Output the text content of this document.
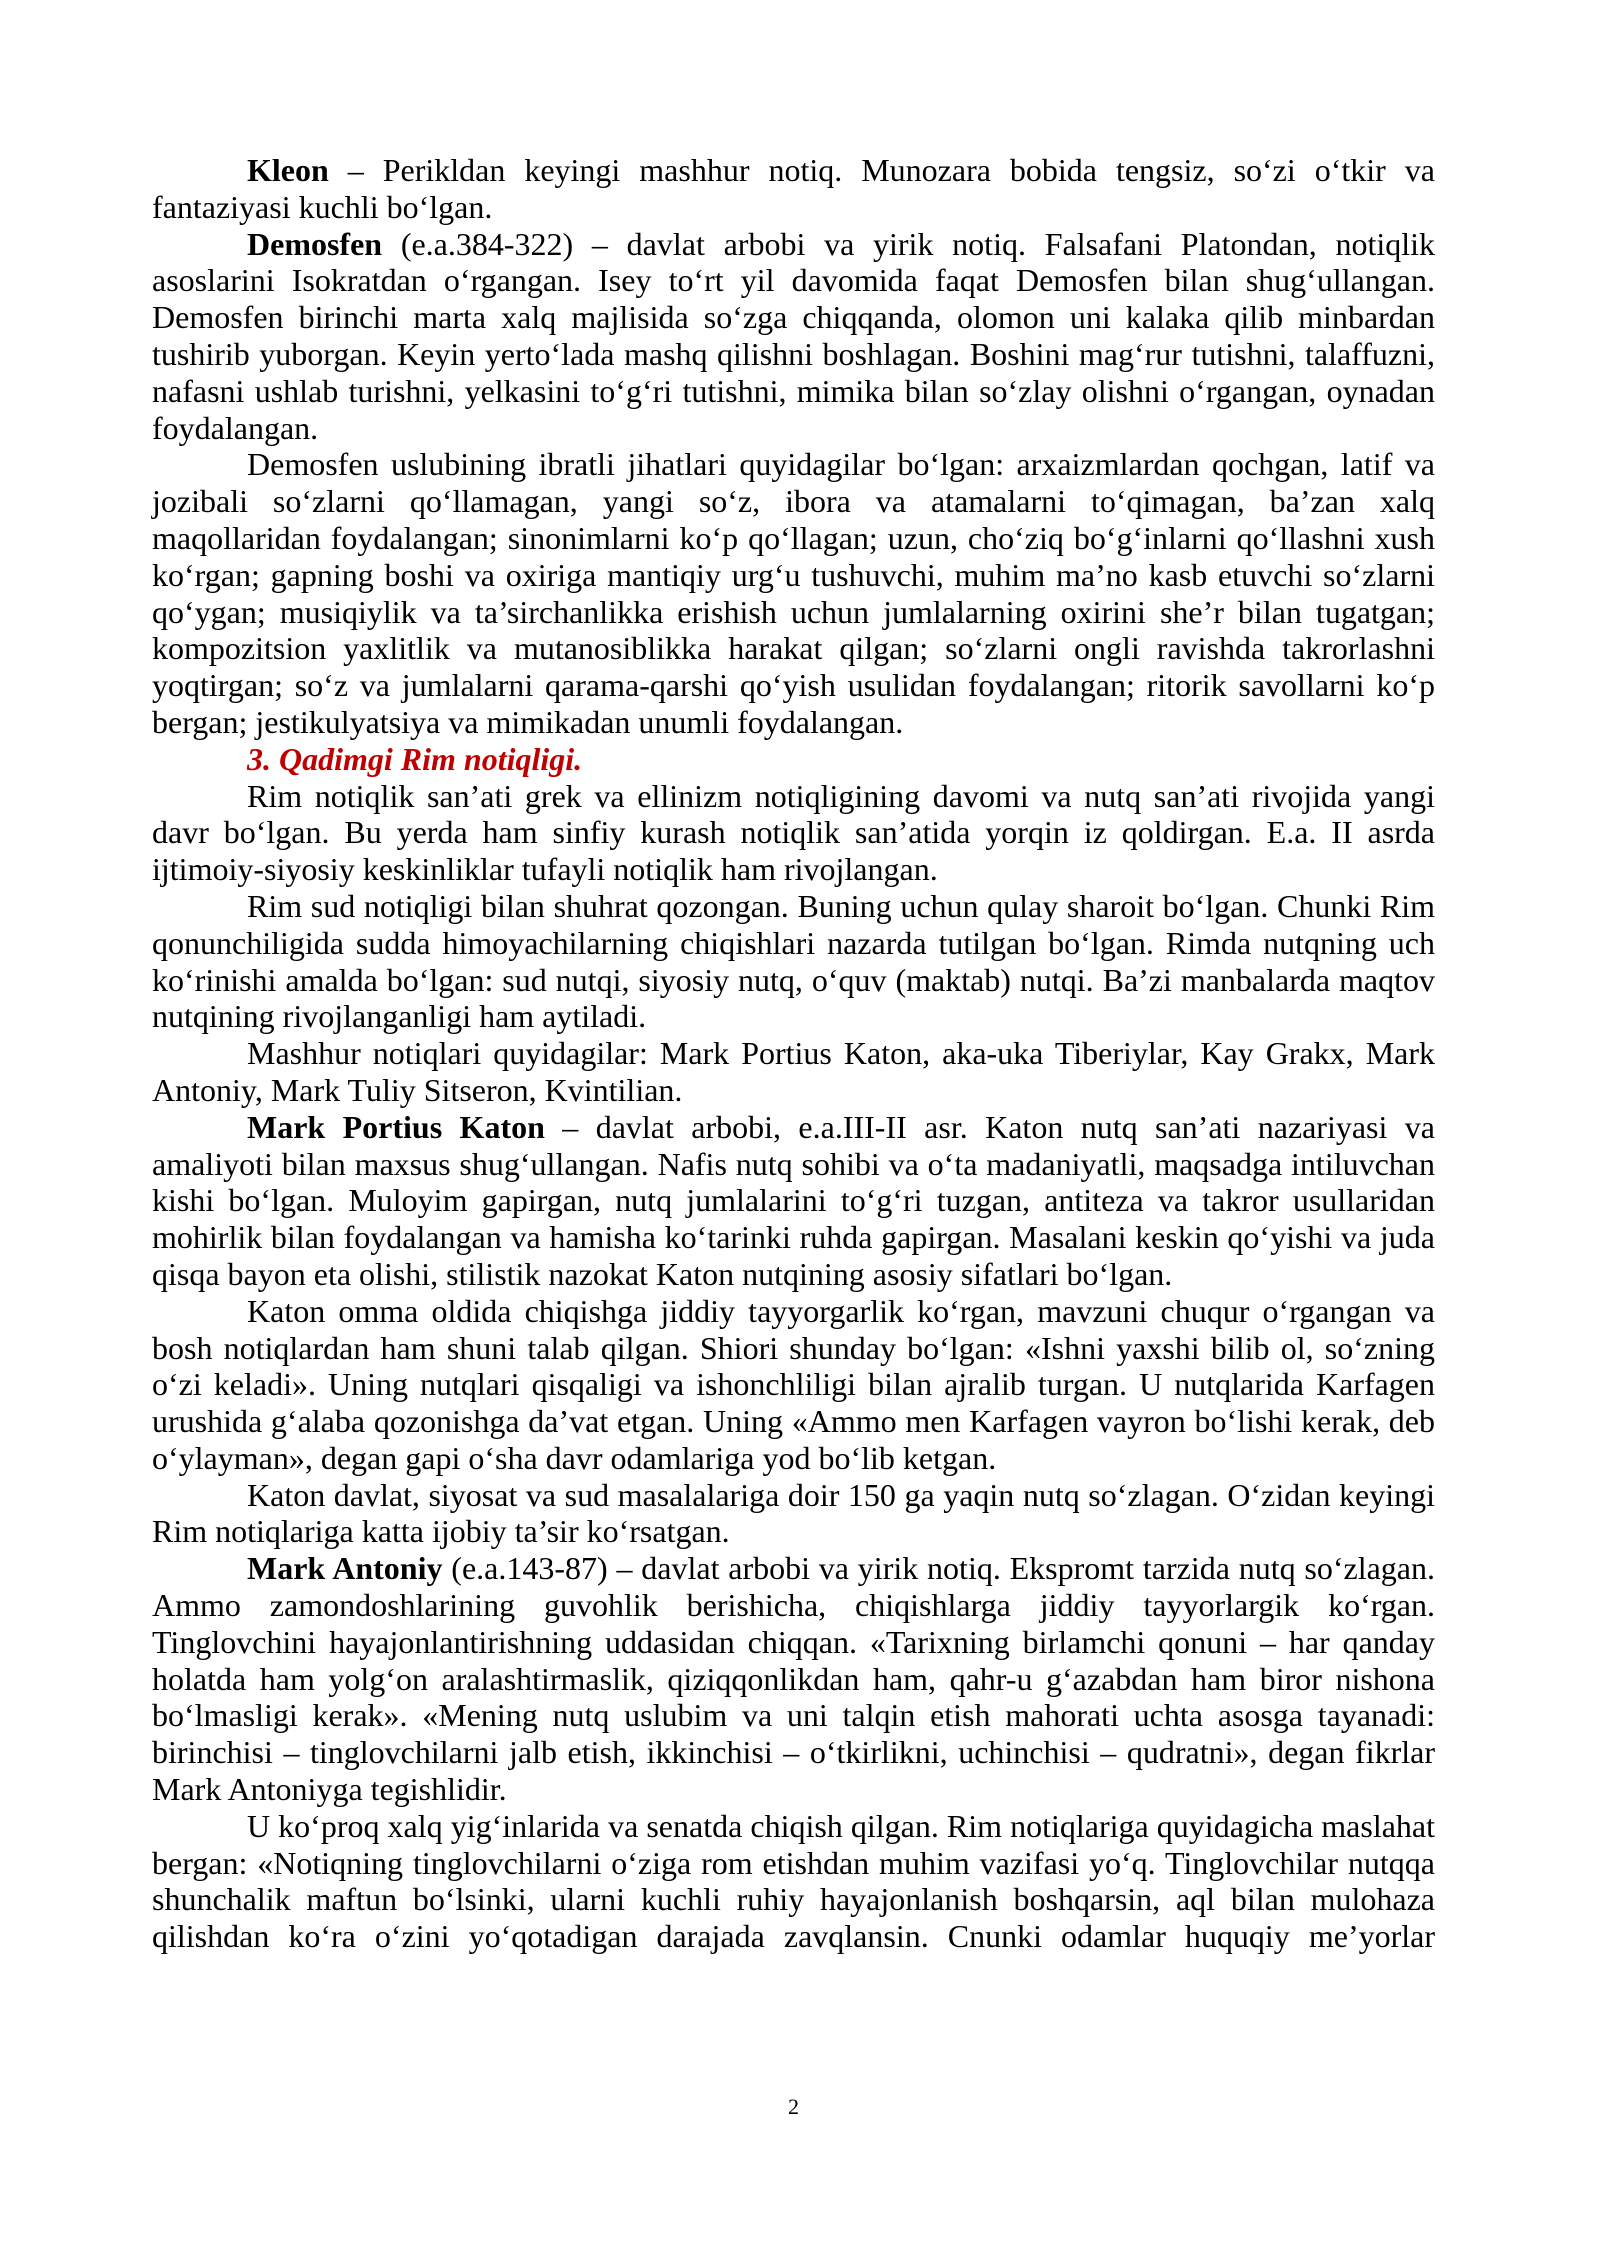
Kleon – Perikldan keyingi mashhur notiq. Munozara bobida tengsiz, so‘zi o‘tkir va
fantaziyasi kuchli bo‘lgan.
Demosfen (e.a.384-322) – davlat arbobi va yirik notiq. Falsafani Platondan, notiqlik
asoslarini Isokratdan o‘rgangan. Isey to‘rt yil davomida faqat Demosfen bilan shug‘ullangan.
Demosfen birinchi marta xalq majlisida so‘zga chiqqanda, olomon uni kalaka qilib minbardan
tushirib yuborgan. Keyin yerto‘lada mashq qilishni boshlagan. Boshini mag‘rur tutishni, talaffuzni,
nafasni ushlab turishni, yelkasini to‘g‘ri tutishni, mimika bilan so‘zlay olishni o‘rgangan, oynadan
foydalangan.
Demosfen uslubining ibratli jihatlari quyidagilar bo‘lgan: arxaizmlardan qochgan, latif va
jozibali so‘zlarni qo‘llamagan, yangi so‘z, ibora va atamalarni to‘qimagan, ba’zan xalq
maqollaridan foydalangan; sinonimlarni ko‘p qo‘llagan; uzun, cho‘ziq bo‘g‘inlarni qo‘llashni xush
ko‘rgan; gapning boshi va oxiriga mantiqiy urg‘u tushuvchi, muhim ma’no kasb etuvchi so‘zlarni
qo‘ygan; musiqiylik va ta’sirchanlikka erishish uchun jumlalarning oxirini she’r bilan tugatgan;
kompozitsion yaxlitlik va mutanosiblikka harakat qilgan; so‘zlarni ongli ravishda takrorlashni
yoqtirgan; so‘z va jumlalarni qarama-qarshi qo‘yish usulidan foydalangan; ritorik savollarni ko‘p
bergan; jestikulyatsiya va mimikadan unumli foydalangan.
3. Qadimgi Rim notiqligi.
Rim notiqlik san’ati grek va ellinizm notiqligining davomi va nutq san’ati rivojida yangi
davr bo‘lgan. Bu yerda ham sinfiy kurash notiqlik san’atida yorqin iz qoldirgan. E.a. II asrda
ijtimoiy-siyosiy keskinliklar tufayli notiqlik ham rivojlangan.
Rim sud notiqligi bilan shuhrat qozongan. Buning uchun qulay sharoit bo‘lgan. Chunki Rim
qonunchiligida sudda himoyachilarning chiqishlari nazarda tutilgan bo‘lgan. Rimda nutqning uch
ko‘rinishi amalda bo‘lgan: sud nutqi, siyosiy nutq, o‘quv (maktab) nutqi. Ba’zi manbalarda maqtov
nutqining rivojlanganligi ham aytiladi.
Mashhur notiqlari quyidagilar: Mark Portius Katon, aka-uka Tiberiylar, Kay Grakx, Mark
Antoniy, Mark Tuliy Sitseron, Kvintilian.
Mark Portius Katon – davlat arbobi, e.a.III-II asr. Katon nutq san’ati nazariyasi va
amaliyoti bilan maxsus shug‘ullangan. Nafis nutq sohibi va o‘ta madaniyatli, maqsadga intiluvchan
kishi bo‘lgan. Muloyim gapirgan, nutq jumlalarini to‘g‘ri tuzgan, antiteza va takror usullaridan
mohirlik bilan foydalangan va hamisha ko‘tarinki ruhda gapirgan. Masalani keskin qo‘yishi va juda
qisqa bayon eta olishi, stilistik nazokat Katon nutqining asosiy sifatlari bo‘lgan.
Katon omma oldida chiqishga jiddiy tayyorgarlik ko‘rgan, mavzuni chuqur o‘rgangan va
bosh notiqlardan ham shuni talab qilgan. Shiori shunday bo‘lgan: «Ishni yaxshi bilib ol, so‘zning
o‘zi keladi». Uning nutqlari qisqaligi va ishonchliligi bilan ajralib turgan. U nutqlarida Karfagen
urushida g‘alaba qozonishga da’vat etgan. Uning «Ammo men Karfagen vayron bo‘lishi kerak, deb
o‘ylayman», degan gapi o‘sha davr odamlariga yod bo‘lib ketgan.
Katon davlat, siyosat va sud masalalariga doir 150 ga yaqin nutq so‘zlagan. O‘zidan keyingi
Rim notiqlariga katta ijobiy ta’sir ko‘rsatgan.
Mark Antoniy (e.a.143-87) – davlat arbobi va yirik notiq. Ekspromt tarzida nutq so‘zlagan.
Ammo zamondoshlarining guvohlik berishicha, chiqishlarga jiddiy tayyorlargik ko‘rgan.
Tinglovchini hayajonlantirishning uddasidan chiqqan. «Tarixning birlamchi qonuni – har qanday
holatda ham yolg‘on aralashtirmaslik, qiziqqonlikdan ham, qahr-u g‘azabdan ham biror nishona
bo‘lmasligi kerak». «Mening nutq uslubim va uni talqin etish mahorati uchta asosga tayanadi:
birinchisi – tinglovchilarni jalb etish, ikkinchisi – o‘tkirlikni, uchinchisi – qudratni», degan fikrlar
Mark Antoniyga tegishlidir.
U ko‘proq xalq yig‘inlarida va senatda chiqish qilgan. Rim notiqlariga quyidagicha maslahat
bergan: «Notiqning tinglovchilarni o‘ziga rom etishdan muhim vazifasi yo‘q. Tinglovchilar nutqqa
shunchalik maftun bo‘lsinki, ularni kuchli ruhiy hayajonlanish boshqarsin, aql bilan mulohaza
qilishdan ko‘ra o‘zini yo‘qotadigan darajada zavqlansin. Cnunki odamlar huquqiy me’yorlar
2
